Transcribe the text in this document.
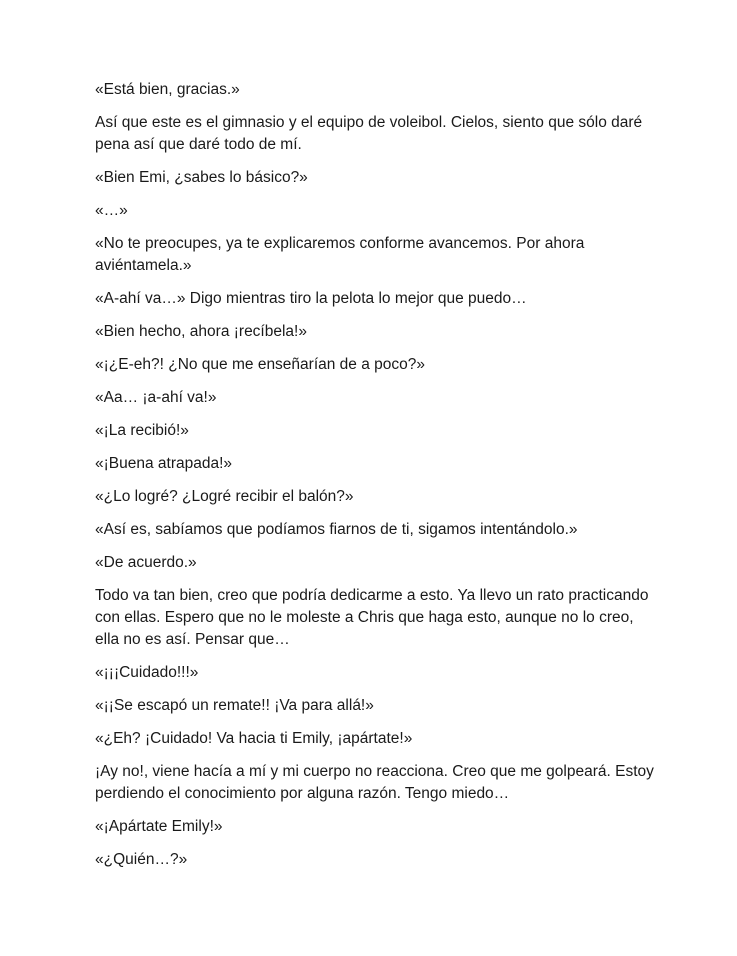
«Está bien, gracias.»

Así que este es el gimnasio y el equipo de voleibol. Cielos, siento que sólo daré pena así que daré todo de mí.

«Bien Emi, ¿sabes lo básico?»

«…»

«No te preocupes, ya te explicaremos conforme avancemos. Por ahora aviéntamela.»

«A-ahí va…» Digo mientras tiro la pelota lo mejor que puedo…

«Bien hecho, ahora ¡recíbela!»

«¡¿E-eh?! ¿No que me enseñarían de a poco?»

«Aa… ¡a-ahí va!»

«¡La recibió!»

«¡Buena atrapada!»

«¿Lo logré? ¿Logré recibir el balón?»

«Así es, sabíamos que podíamos fiarnos de ti, sigamos intentándolo.»

«De acuerdo.»

Todo va tan bien, creo que podría dedicarme a esto. Ya llevo un rato practicando con ellas. Espero que no le moleste a Chris que haga esto, aunque no lo creo, ella no es así. Pensar que…

«¡¡¡Cuidado!!!»

«¡¡Se escapó un remate!! ¡Va para allá!»

«¿Eh? ¡Cuidado! Va hacia ti Emily, ¡apártate!»

¡Ay no!, viene hacía a mí y mi cuerpo no reacciona. Creo que me golpeará. Estoy perdiendo el conocimiento por alguna razón. Tengo miedo…

«¡Apártate Emily!»

«¿Quién…?»
